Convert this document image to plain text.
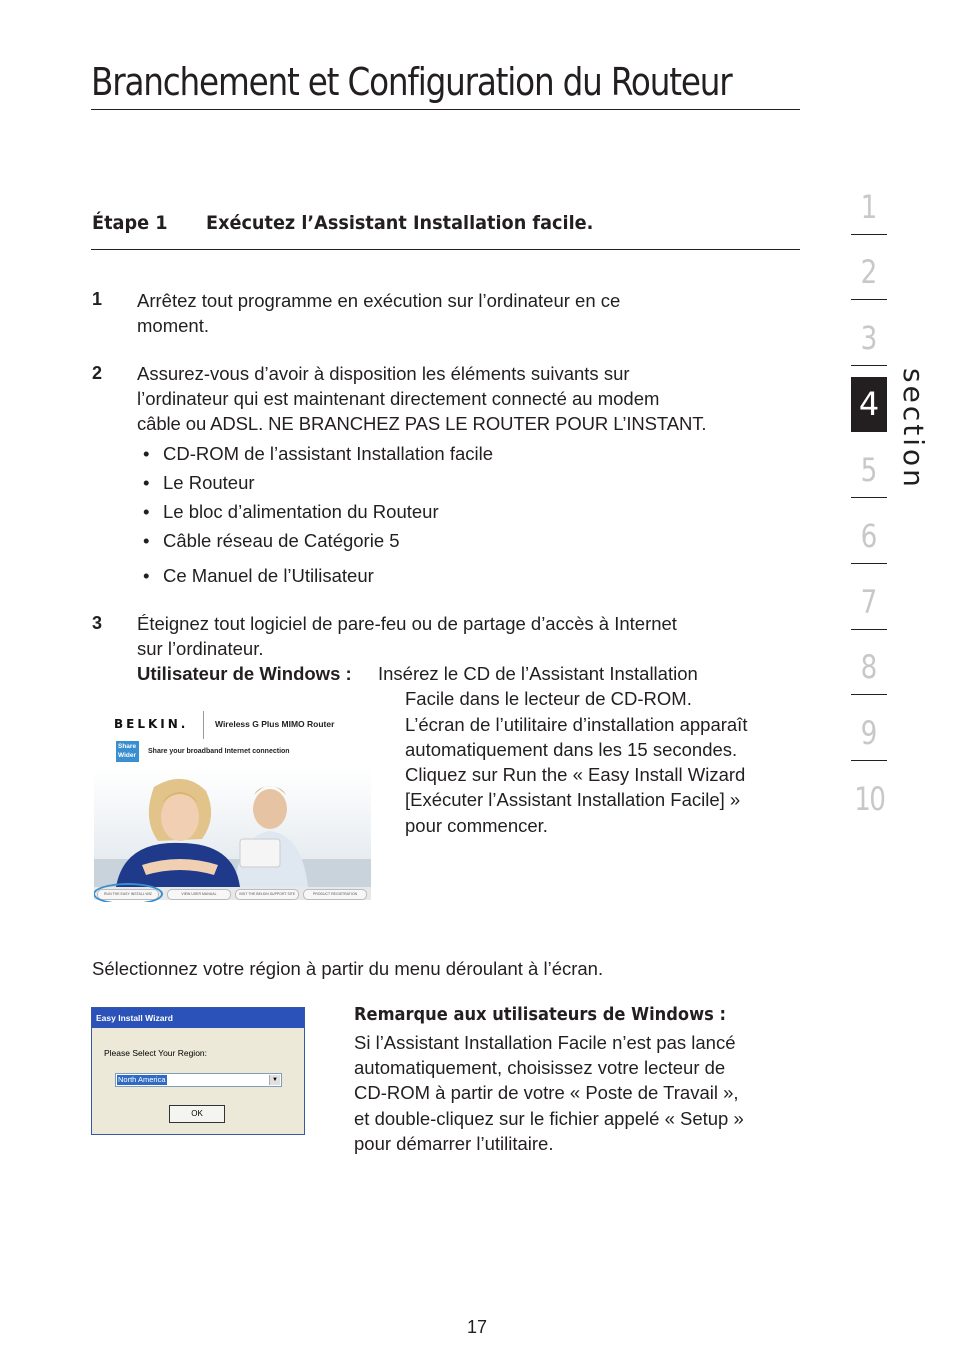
Branchement et Configuration du Routeur
Étape 1 Exécutez l’Assistant Installation facile.
1 Arrêtez tout programme en exécution sur l’ordinateur en ce
moment.
2 Assurez-vous d’avoir à disposition les éléments suivants sur
l’ordinateur qui est maintenant directement connecté au modem
câble ou ADSL. NE BRANCHEZ PAS LE ROUTER POUR L’INSTANT.
• CD-ROM de l’assistant Installation facile
• Le Routeur
• Le bloc d’alimentation du Routeur
• Câble réseau de Catégorie 5
• Ce Manuel de l’Utilisateur
3 Éteignez tout logiciel de pare-feu ou de partage d’accès à Internet
sur l’ordinateur.
Utilisateur de Windows : Insérez le CD de l’Assistant Installation
Facile dans le lecteur de CD-ROM.
L’écran de l’utilitaire d’installation apparaît
automatiquement dans les 15 secondes.
Cliquez sur Run the « Easy Install Wizard
[Exécuter l’Assistant Installation Facile] »
pour commencer.
BELKIN.	Wireless G Plus MIMO Router
Share
Wider
Share your broadband Internet connection
RUN THE EASY INSTALL WIZ	VIEW USER MANUAL	VISIT THE BELKIN SUPPORT SITE	PRODUCT REGISTRATION
Sélectionnez votre région à partir du menu déroulant à l’écran.
Easy Install Wizard
Please Select Your Region:
North America	▼
OK
Remarque aux utilisateurs de Windows :
Si l’Assistant Installation Facile n’est pas lancé
automatiquement, choisissez votre lecteur de
CD-ROM à partir de votre « Poste de Travail »,
et double-cliquez sur le fichier appelé « Setup »
pour démarrer l’utilitaire.
1
2
3
4
5
6
7
8
9
10
section
17
